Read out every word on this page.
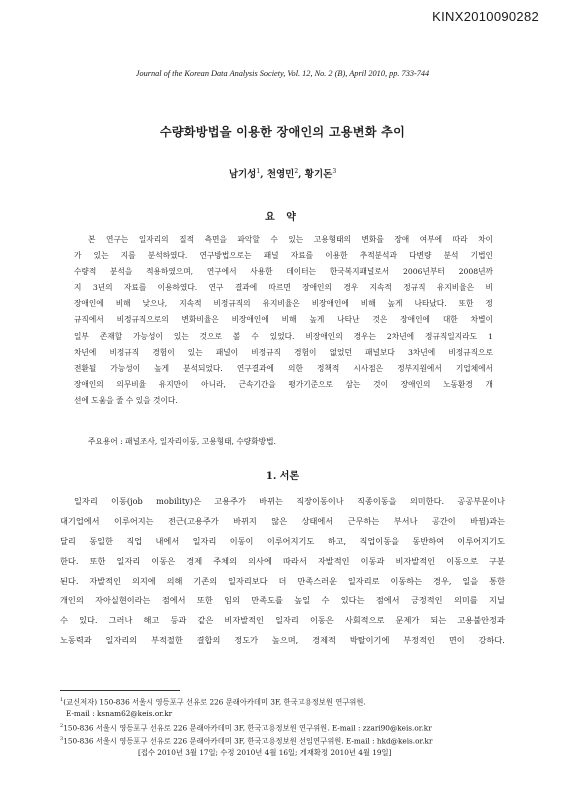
KINX2010090282
Journal of the Korean Data Analysis Society, Vol. 12, No. 2 (B), April 2010, pp. 733-744
수량화방법을 이용한 장애인의 고용변화 추이
남기성$^1$, 천영민$^2$, 황기돈$^3$
요 약
본 연구는 일자리의 질적 측면을 파악할 수 있는 고용형태의 변화를 장애 여부에 따라 차이
가 있는 지를 분석하였다. 연구방법으로는 패널 자료를 이용한 추적분석과 다변량 분석 기법인
수량적 분석을 적용하였으며, 연구에서 사용한 데이터는 한국복지패널로서 2006년부터 2008년까
지 3년의 자료를 이용하였다. 연구 결과에 따르면 장애인의 경우 지속적 정규직 유지비율은 비
장애인에 비해 낮으나, 지속적 비정규직의 유지비율은 비장애인에 비해 높게 나타났다. 또한 정
규직에서 비정규직으로의 변화비율은 비장애인에 비해 높게 나타난 것은 장애인에 대한 차별이
일부 존재할 가능성이 있는 것으로 볼 수 있었다. 비장애인의 경우는 2차년에 정규직일지라도 1
차년에 비정규직 경험이 있는 패널이 비정규직 경험이 없었던 패널보다 3차년에 비정규직으로
전환될 가능성이 높게 분석되었다. 연구결과에 의한 정책적 시사점은 정부지원에서 기업체에서
장애인의 의무비율 유지만이 아니라, 근속기간을 평가기준으로 삼는 것이 장애인의 노동환경 개
선에 도움을 줄 수 있을 것이다.
주요용어 : 패널조사, 일자리이동, 고용형태, 수량화방법.
1. 서론
일자리 이동(job mobility)은 고용주가 바뀌는 직장이동이나 직종이동을 의미한다. 공공부문이나
대기업에서 이루어지는 전근(고용주가 바뀌지 않은 상태에서 근무하는 부서나 공간이 바뀜)과는
달리 동일한 직업 내에서 일자리 이동이 이루어지기도 하고, 직업이동을 동반하여 이루어지기도
한다. 또한 일자리 이동은 경제 주체의 의사에 따라서 자발적인 이동과 비자발적인 이동으로 구분
된다. 자발적인 의지에 의해 기존의 일자리보다 더 만족스러운 일자리로 이동하는 경우, 일을 통한
개인의 자아실현이라는 점에서 또한 임의 만족도를 높일 수 있다는 점에서 긍정적인 의미를 지닐
수 있다. 그러나 해고 등과 같은 비자발적인 일자리 이동은 사회적으로 문제가 되는 고용불안정과
노동력과 일자리의 부적절한 결합의 정도가 높으며, 경제적 박탈이기에 부정적인 면이 강하다.
$^1$(교신저자) 150-836 서울시 영등포구 선유로 226 문래아카데미 3F, 한국고용정보원 연구위원.
E-mail : ksnam62@keis.or.kr
$^2$150-836 서울시 영등포구 선유로 226 문래아카데미 3F, 한국고용정보원 연구위원. E-mail : zzari90@keis.or.kr
$^3$150-836 서울시 영등포구 선유로 226 문래아카데미 3F, 한국고용정보원 선임연구위원. E-mail : hkd@keis.or.kr
[접수 2010년 3월 17일; 수정 2010년 4월 16일; 게재확정 2010년 4월 19일]
